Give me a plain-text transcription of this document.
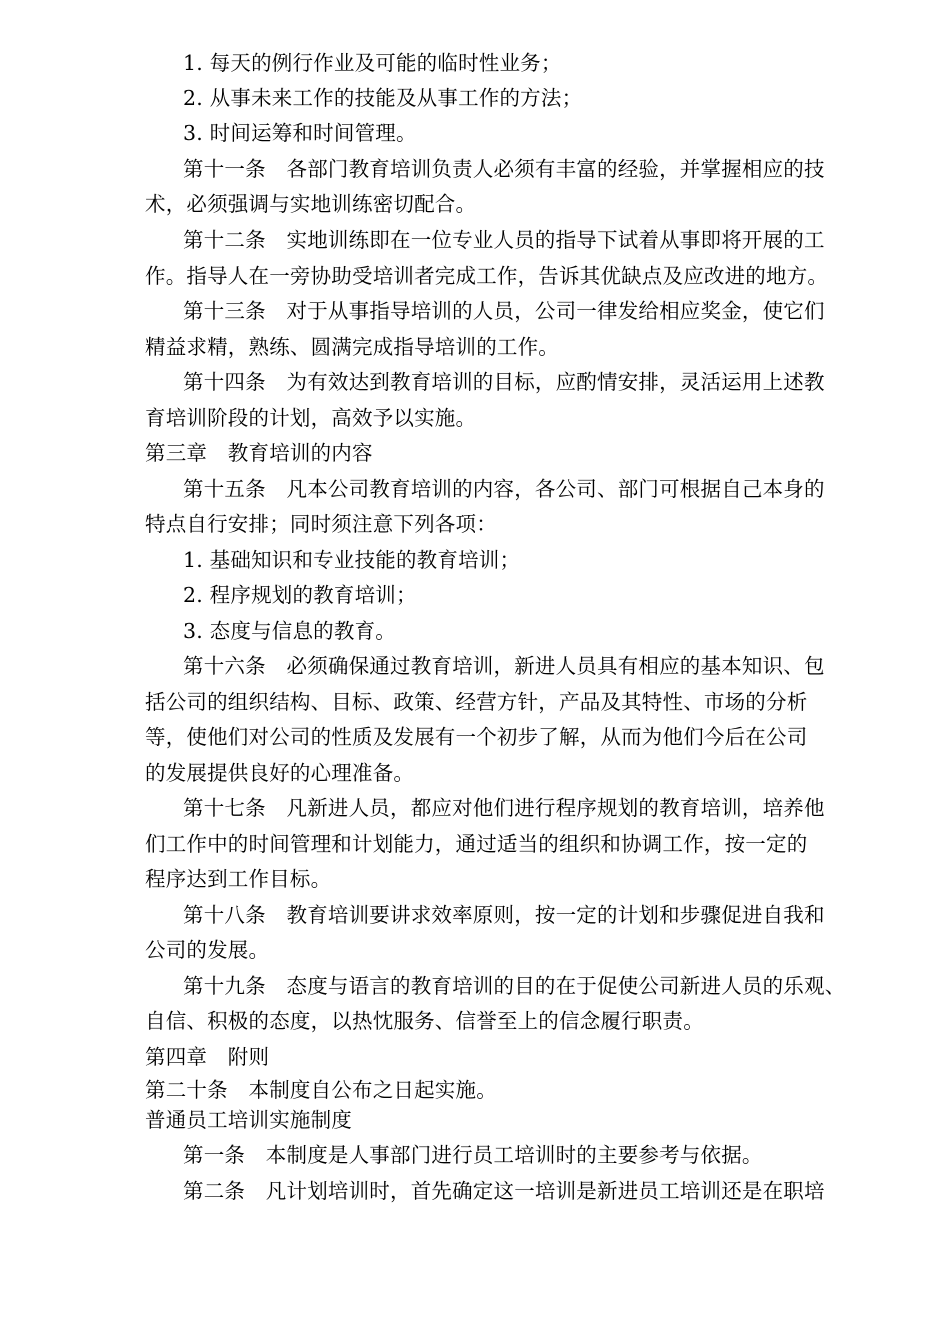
1. 每天的例行作业及可能的临时性业务；
2. 从事未来工作的技能及从事工作的方法；
3. 时间运筹和时间管理。
第十一条　各部门教育培训负责人必须有丰富的经验，并掌握相应的技
术，必须强调与实地训练密切配合。
第十二条　实地训练即在一位专业人员的指导下试着从事即将开展的工
作。指导人在一旁协助受培训者完成工作，告诉其优缺点及应改进的地方。
第十三条　对于从事指导培训的人员，公司一律发给相应奖金，使它们
精益求精，熟练、圆满完成指导培训的工作。
第十四条　为有效达到教育培训的目标，应酌情安排，灵活运用上述教
育培训阶段的计划，高效予以实施。
第三章　教育培训的内容
第十五条　凡本公司教育培训的内容，各公司、部门可根据自己本身的
特点自行安排；同时须注意下列各项：
1. 基础知识和专业技能的教育培训；
2. 程序规划的教育培训；
3. 态度与信息的教育。
第十六条　必须确保通过教育培训，新进人员具有相应的基本知识、包
括公司的组织结构、目标、政策、经营方针，产品及其特性、市场的分析
等，使他们对公司的性质及发展有一个初步了解，从而为他们今后在公司
的发展提供良好的心理准备。
第十七条　凡新进人员，都应对他们进行程序规划的教育培训，培养他
们工作中的时间管理和计划能力，通过适当的组织和协调工作，按一定的
程序达到工作目标。
第十八条　教育培训要讲求效率原则，按一定的计划和步骤促进自我和
公司的发展。
第十九条　态度与语言的教育培训的目的在于促使公司新进人员的乐观、
自信、积极的态度，以热忱服务、信誉至上的信念履行职责。
第四章　附则
第二十条　本制度自公布之日起实施。
普通员工培训实施制度
第一条　本制度是人事部门进行员工培训时的主要参考与依据。
第二条　凡计划培训时，首先确定这一培训是新进员工培训还是在职培
